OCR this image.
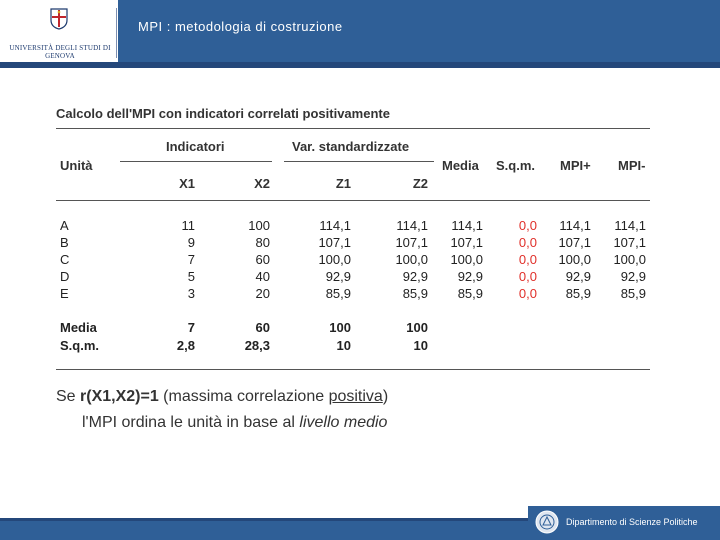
UNIVERSITÀ DEGLI STUDI DI GENOVA
MPI : metodologia di costruzione
Calcolo dell'MPI con indicatori correlati positivamente
Indicatori	Var. standardizzate
Unità	Media S.q.m. MPI+ MPI-
X1	X2	Z1	Z2
A	11	100	114,1	114,1	114,1	0,0	114,1	114,1
B	9	80	107,1	107,1	107,1	0,0	107,1	107,1
C	7	60	100,0	100,0	100,0	0,0	100,0	100,0
D	5	40	92,9	92,9	92,9	0,0	92,9	92,9
E	3	20	85,9	85,9	85,9	0,0	85,9	85,9
Media	7	60	100	100
S.q.m.	2,8	28,3	10	10
Se r(X1,X2)=1 (massima correlazione positiva)
l'MPI ordina le unità in base al livello medio
Dipartimento di Scienze Politiche
